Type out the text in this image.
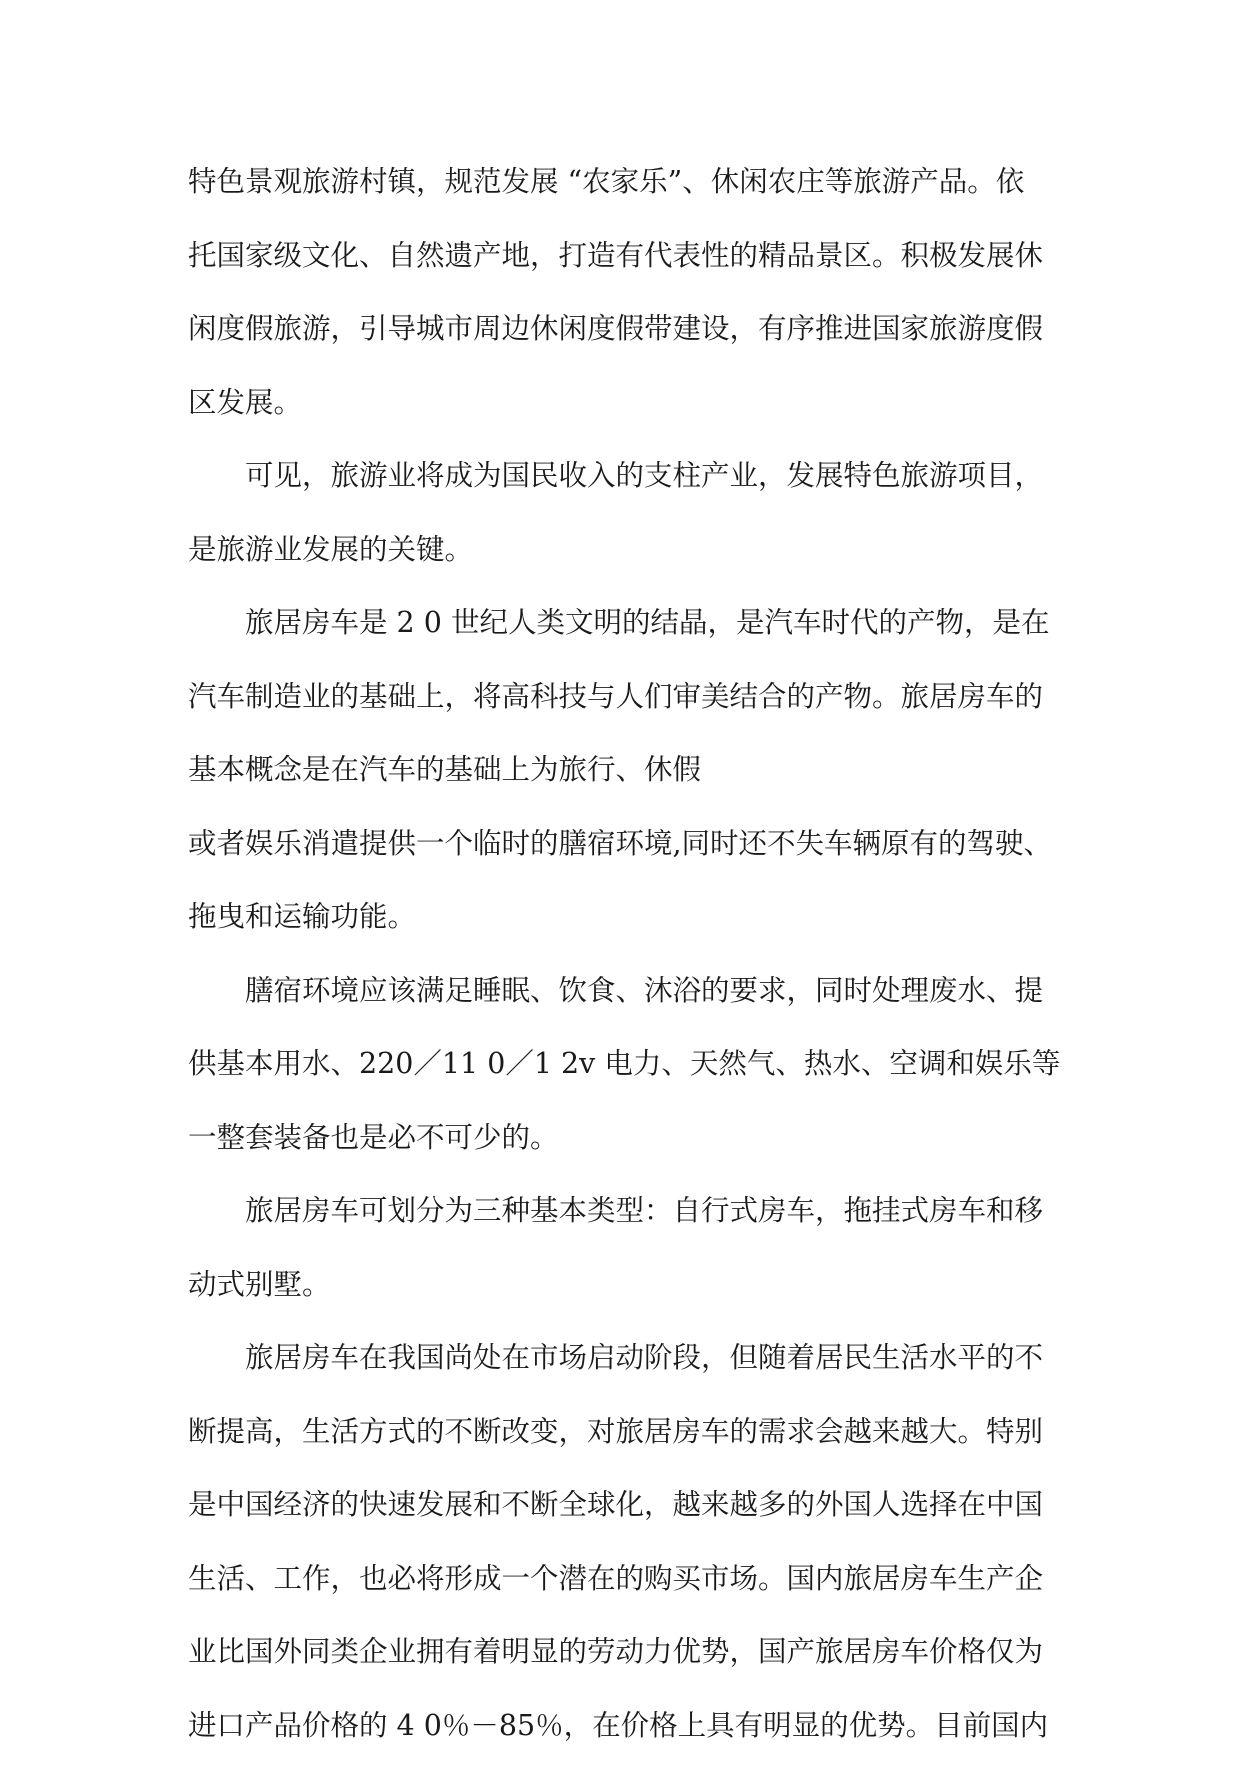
特色景观旅游村镇，规范发展 “农家乐”、休闲农庄等旅游产品。依
托国家级文化、自然遗产地，打造有代表性的精品景区。积极发展休
闲度假旅游，引导城市周边休闲度假带建设，有序推进国家旅游度假
区发展。
可见，旅游业将成为国民收入的支柱产业，发展特色旅游项目，
是旅游业发展的关键。
旅居房车是 2 0 世纪人类文明的结晶，是汽车时代的产物，是在
汽车制造业的基础上，将高科技与人们审美结合的产物。旅居房车的
基本概念是在汽车的基础上为旅行、休假
或者娱乐消遣提供一个临时的膳宿环境,同时还不失车辆原有的驾驶、
拖曳和运输功能。
膳宿环境应该满足睡眠、饮食、沐浴的要求，同时处理废水、提
供基本用水、220／11 0／1 2v 电力、天然气、热水、空调和娱乐等
一整套装备也是必不可少的。
旅居房车可划分为三种基本类型：自行式房车，拖挂式房车和移
动式别墅。
旅居房车在我国尚处在市场启动阶段，但随着居民生活水平的不
断提高，生活方式的不断改变，对旅居房车的需求会越来越大。特别
是中国经济的快速发展和不断全球化，越来越多的外国人选择在中国
生活、工作，也必将形成一个潜在的购买市场。国内旅居房车生产企
业比国外同类企业拥有着明显的劳动力优势，国产旅居房车价格仅为
进口产品价格的 4 0％－85％，在价格上具有明显的优势。目前国内
